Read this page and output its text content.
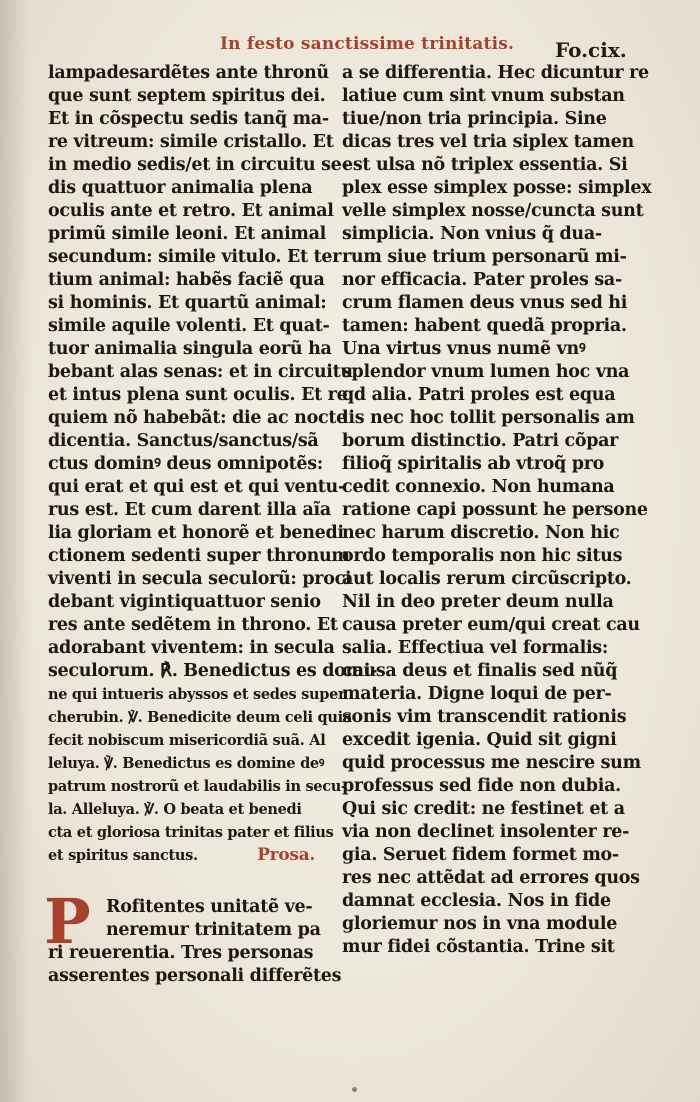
In festo sanctissime trinitatis. Fo.cix.
lampadesardẽtes ante thronũ
que sunt septem spiritus dei.
Et in cõspectu sedis tanq̃ ma-
re vitreum: simile cristallo. Et
in medio sedis/et in circuitu se-
dis quattuor animalia plena
oculis ante et retro. Et animal
primũ simile leoni. Et animal
secundum: simile vitulo. Et ter
tium animal: habẽs faciẽ qua
si hominis. Et quartũ animal:
simile aquile volenti. Et quat-
tuor animalia singula eorũ ha
bebant alas senas: et in circuitu
et intus plena sunt oculis. Et re
quiem nõ habebãt: die ac nocte
dicentia. Sanctus/sanctus/sã
ctus dominꝰ deus omnipotẽs:
qui erat et qui est et qui ventu-
rus est. Et cum darent illa aĩa
lia gloriam et honorẽ et benedi
ctionem sedenti super thronum
viventi in secula seculorũ: proci
debant vigintiquattuor senio
res ante sedẽtem in throno. Et
adorabant viventem: in secula
seculorum. ℟. Benedictus es domi-
ne qui intueris abyssos et sedes super
cherubin. ℣. Benedicite deum celi quia
fecit nobiscum misericordiã suã. Al
leluya. ℣. Benedictus es domine deꝰ
patrum nostrorũ et laudabilis in secu-
la. Alleluya. ℣. O beata et benedi
cta et gloriosa trinitas pater et filius
et spiritus sanctus.	Prosa.
P Rofitentes unitatẽ ve-
neremur trinitatem pa
ri reuerentia. Tres personas
asserentes personali differẽtes
a se differentia. Hec dicuntur re
latiue cum sint vnum substan
tiue/non tria principia. Sine
dicas tres vel tria siplex tamen
est ulsa nõ triplex essentia. Si
plex esse simplex posse: simplex
velle simplex nosse/cuncta sunt
simplicia. Non vnius q̃ dua-
rum siue trium personarũ mi-
nor efficacia. Pater proles sa-
crum flamen deus vnus sed hi
tamen: habent quedã propria.
Una virtus vnus numẽ vnꝰ
splendor vnum lumen hoc vna
qd alia. Patri proles est equa
lis nec hoc tollit personalis am
borum distinctio. Patri cõpar
filioq̃ spiritalis ab vtroq̃ pro
cedit connexio. Non humana
ratione capi possunt he persone
nec harum discretio. Non hic
ordo temporalis non hic situs
aut localis rerum circũscripto.
Nil in deo preter deum nulla
causa preter eum/qui creat cau
salia. Effectiua vel formalis:
causa deus et finalis sed nũq̃
materia. Digne loqui de per-
sonis vim transcendit rationis
excedit igenia. Quid sit gigni
quid processus me nescire sum
professus sed fide non dubia.
Qui sic credit: ne festinet et a
via non declinet insolenter re-
gia. Seruet fidem formet mo-
res nec attẽdat ad errores quos
damnat ecclesia. Nos in fide
gloriemur nos in vna module
mur fidei cõstantia. Trine sit
